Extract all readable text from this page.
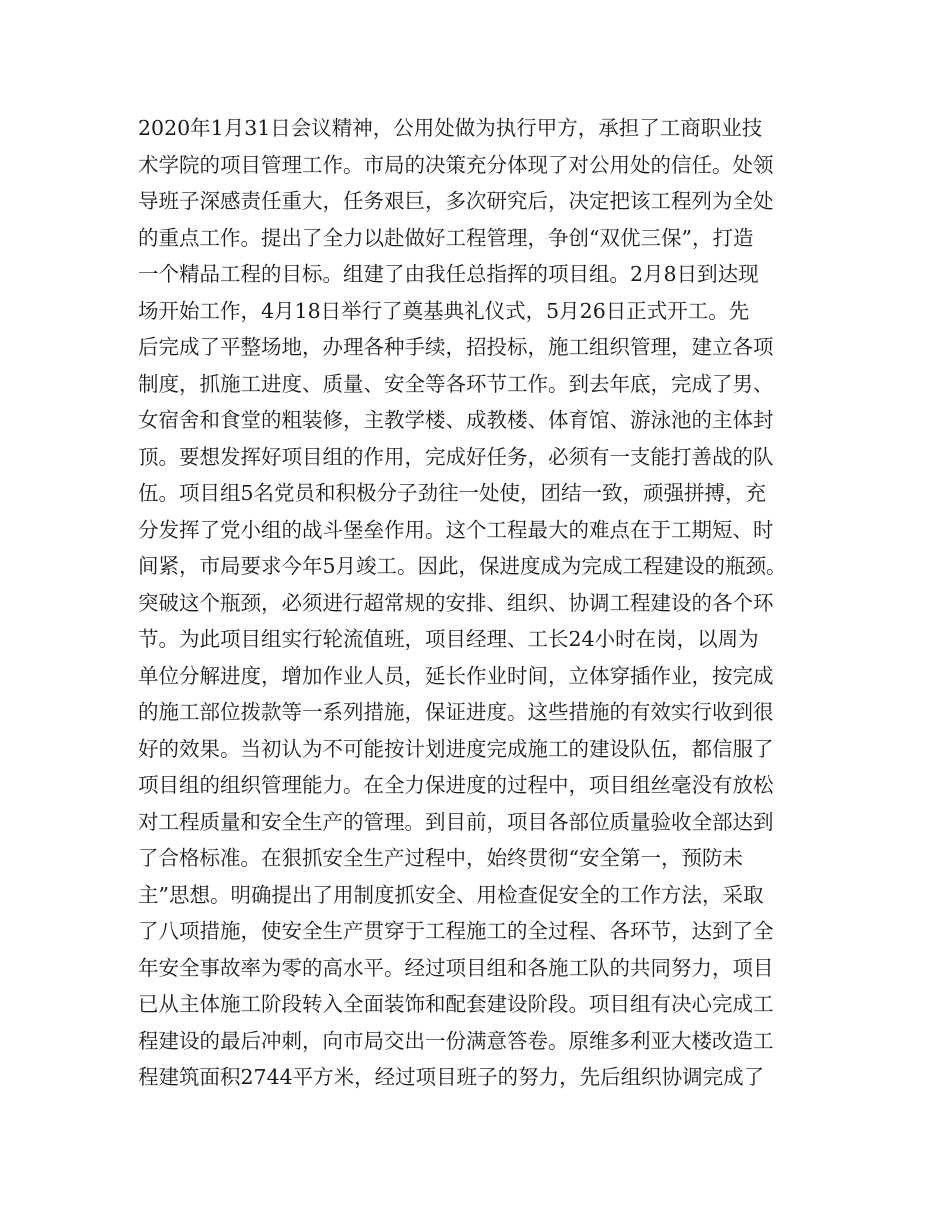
2020年1月31日会议精神，公用处做为执行甲方，承担了工商职业技
术学院的项目管理工作。市局的决策充分体现了对公用处的信任。处领
导班子深感责任重大，任务艰巨，多次研究后，决定把该工程列为全处
的重点工作。提出了全力以赴做好工程管理，争创“双优三保”，打造
一个精品工程的目标。组建了由我任总指挥的项目组。2月8日到达现
场开始工作，4月18日举行了奠基典礼仪式，5月26日正式开工。先
后完成了平整场地，办理各种手续，招投标，施工组织管理，建立各项
制度，抓施工进度、质量、安全等各环节工作。到去年底，完成了男、
女宿舍和食堂的粗装修，主教学楼、成教楼、体育馆、游泳池的主体封
顶。要想发挥好项目组的作用，完成好任务，必须有一支能打善战的队
伍。项目组5名党员和积极分子劲往一处使，团结一致，顽强拼搏，充
分发挥了党小组的战斗堡垒作用。这个工程最大的难点在于工期短、时
间紧，市局要求今年5月竣工。因此，保进度成为完成工程建设的瓶颈。
突破这个瓶颈，必须进行超常规的安排、组织、协调工程建设的各个环
节。为此项目组实行轮流值班，项目经理、工长24小时在岗，以周为
单位分解进度，增加作业人员，延长作业时间，立体穿插作业，按完成
的施工部位拨款等一系列措施，保证进度。这些措施的有效实行收到很
好的效果。当初认为不可能按计划进度完成施工的建设队伍，都信服了
项目组的组织管理能力。在全力保进度的过程中，项目组丝毫没有放松
对工程质量和安全生产的管理。到目前，项目各部位质量验收全部达到
了合格标准。在狠抓安全生产过程中，始终贯彻“安全第一，预防未
主”思想。明确提出了用制度抓安全、用检查促安全的工作方法，采取
了八项措施，使安全生产贯穿于工程施工的全过程、各环节，达到了全
年安全事故率为零的高水平。经过项目组和各施工队的共同努力，项目
已从主体施工阶段转入全面装饰和配套建设阶段。项目组有决心完成工
程建设的最后冲刺，向市局交出一份满意答卷。原维多利亚大楼改造工
程建筑面积2744平方米，经过项目班子的努力，先后组织协调完成了
